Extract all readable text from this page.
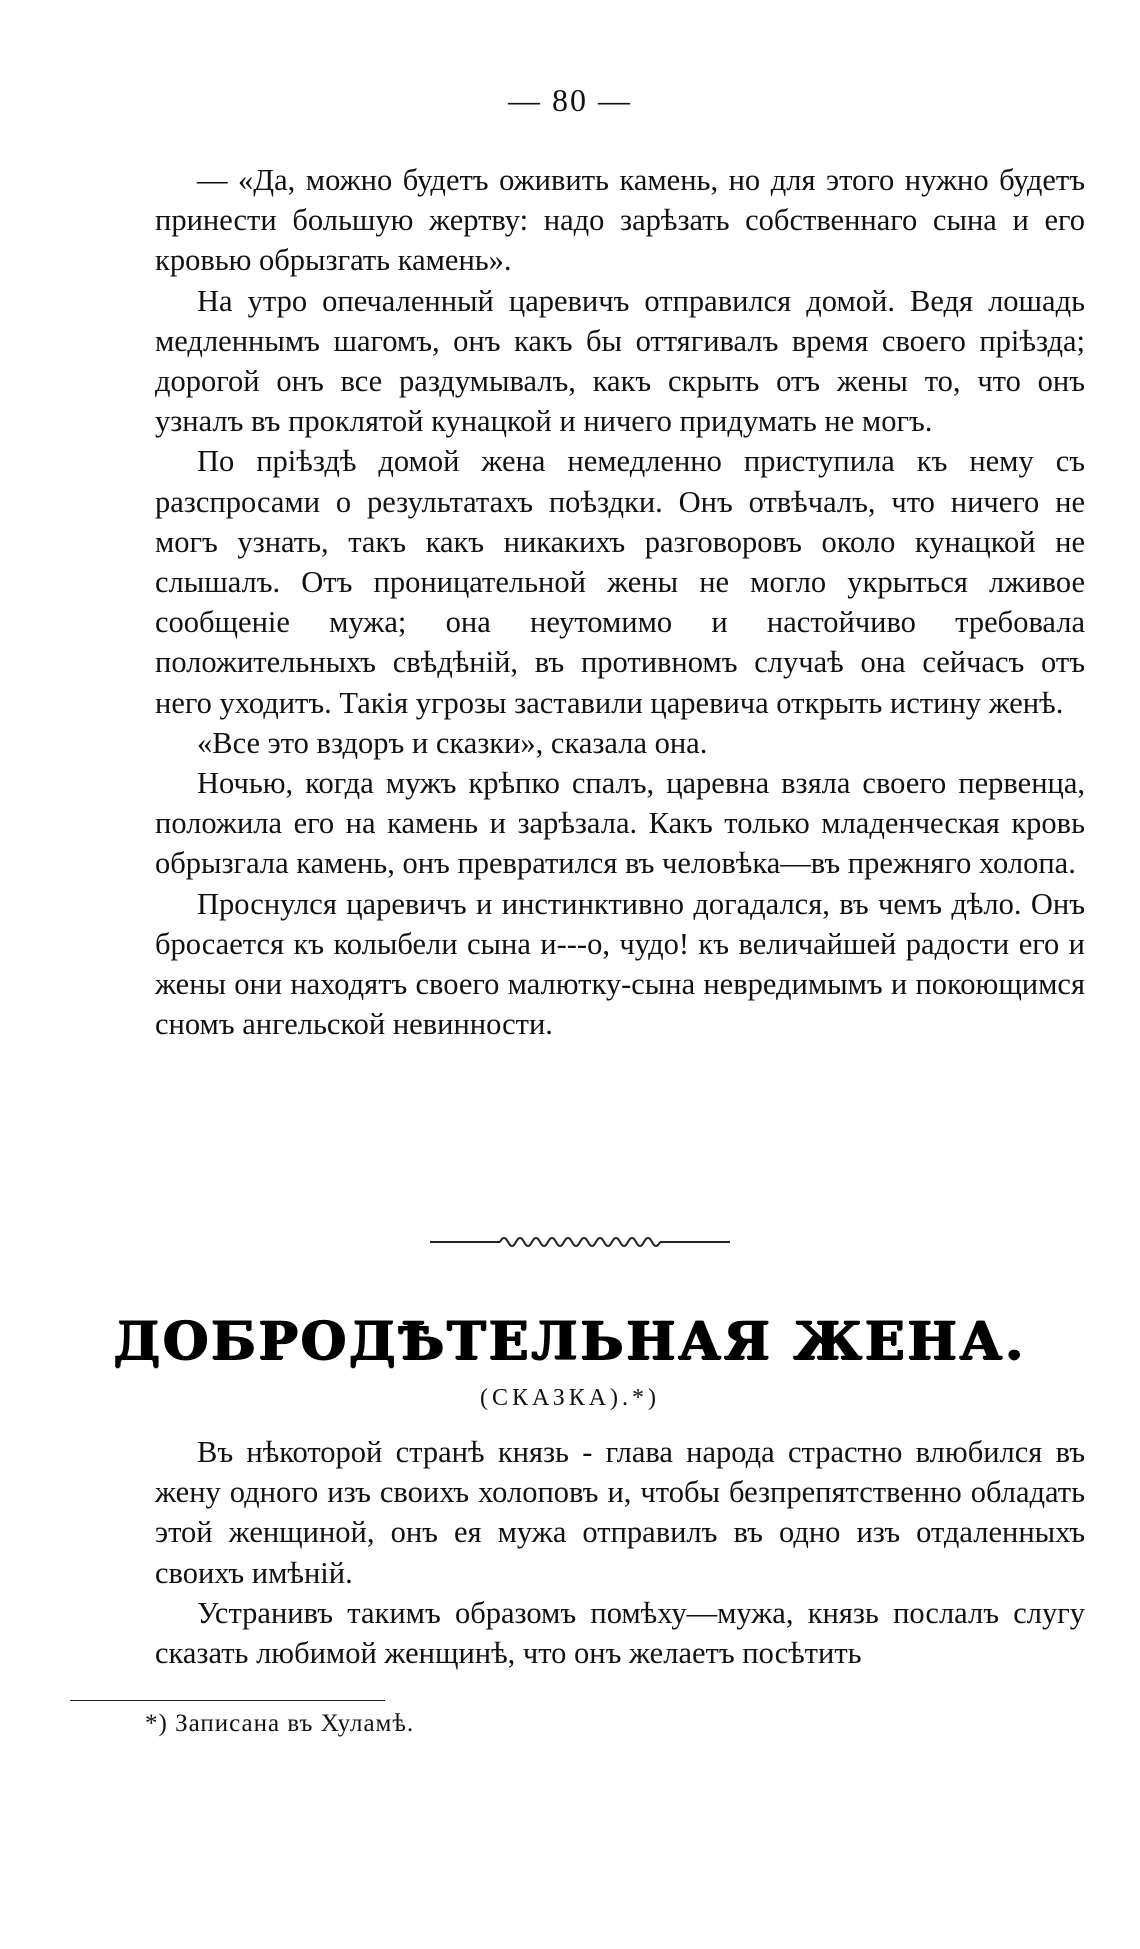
— 80 —

— «Да, можно будетъ оживить камень, но для этого нужно будетъ принести большую жертву: надо зарѣзать собственнаго сына и его кровью обрызгать камень».

На утро опечаленный царевичъ отправился домой. Ведя лошадь медленнымъ шагомъ, онъ какъ бы оттягивалъ время своего пріѣзда; дорогой онъ все раздумывалъ, какъ скрыть отъ жены то, что онъ узналъ въ проклятой кунацкой и ничего придумать не могъ.

По пріѣздѣ домой жена немедленно приступила къ нему съ разспросами о результатахъ поѣздки. Онъ отвѣчалъ, что ничего не могъ узнать, такъ какъ никакихъ разговоровъ около кунацкой не слышалъ. Отъ проницательной жены не могло укрыться лживое сообщеніе мужа; она неутомимо и настойчиво требовала положительныхъ свѣдѣній, въ противномъ случаѣ она сейчасъ отъ него уходитъ. Такія угрозы заставили царевича открыть истину женѣ.

«Все это вздоръ и сказки», сказала она.

Ночью, когда мужъ крѣпко спалъ, царевна взяла своего первенца, положила его на камень и зарѣзала. Какъ только младенческая кровь обрызгала камень, онъ превратился въ человѣка—въ прежняго холопа.

Проснулся царевичъ и инстинктивно догадался, въ чемъ дѣло. Онъ бросается къ колыбели сына и---о, чудо! къ величайшей радости его и жены они находятъ своего малютку-сына невредимымъ и покоющимся сномъ ангельской невинности.

ДОБРОДѢТЕЛЬНАЯ ЖЕНА.
(СКАЗКА).*)

Въ нѣкоторой странѣ князь - глава народа страстно влюбился въ жену одного изъ своихъ холоповъ и, чтобы безпрепятственно обладать этой женщиной, онъ ея мужа отправилъ въ одно изъ отдаленныхъ своихъ имѣній.

Устранивъ такимъ образомъ помѣху—мужа, князь послалъ слугу сказать любимой женщинѣ, что онъ желаетъ посѣтить

*) Записана въ Хуламѣ.
